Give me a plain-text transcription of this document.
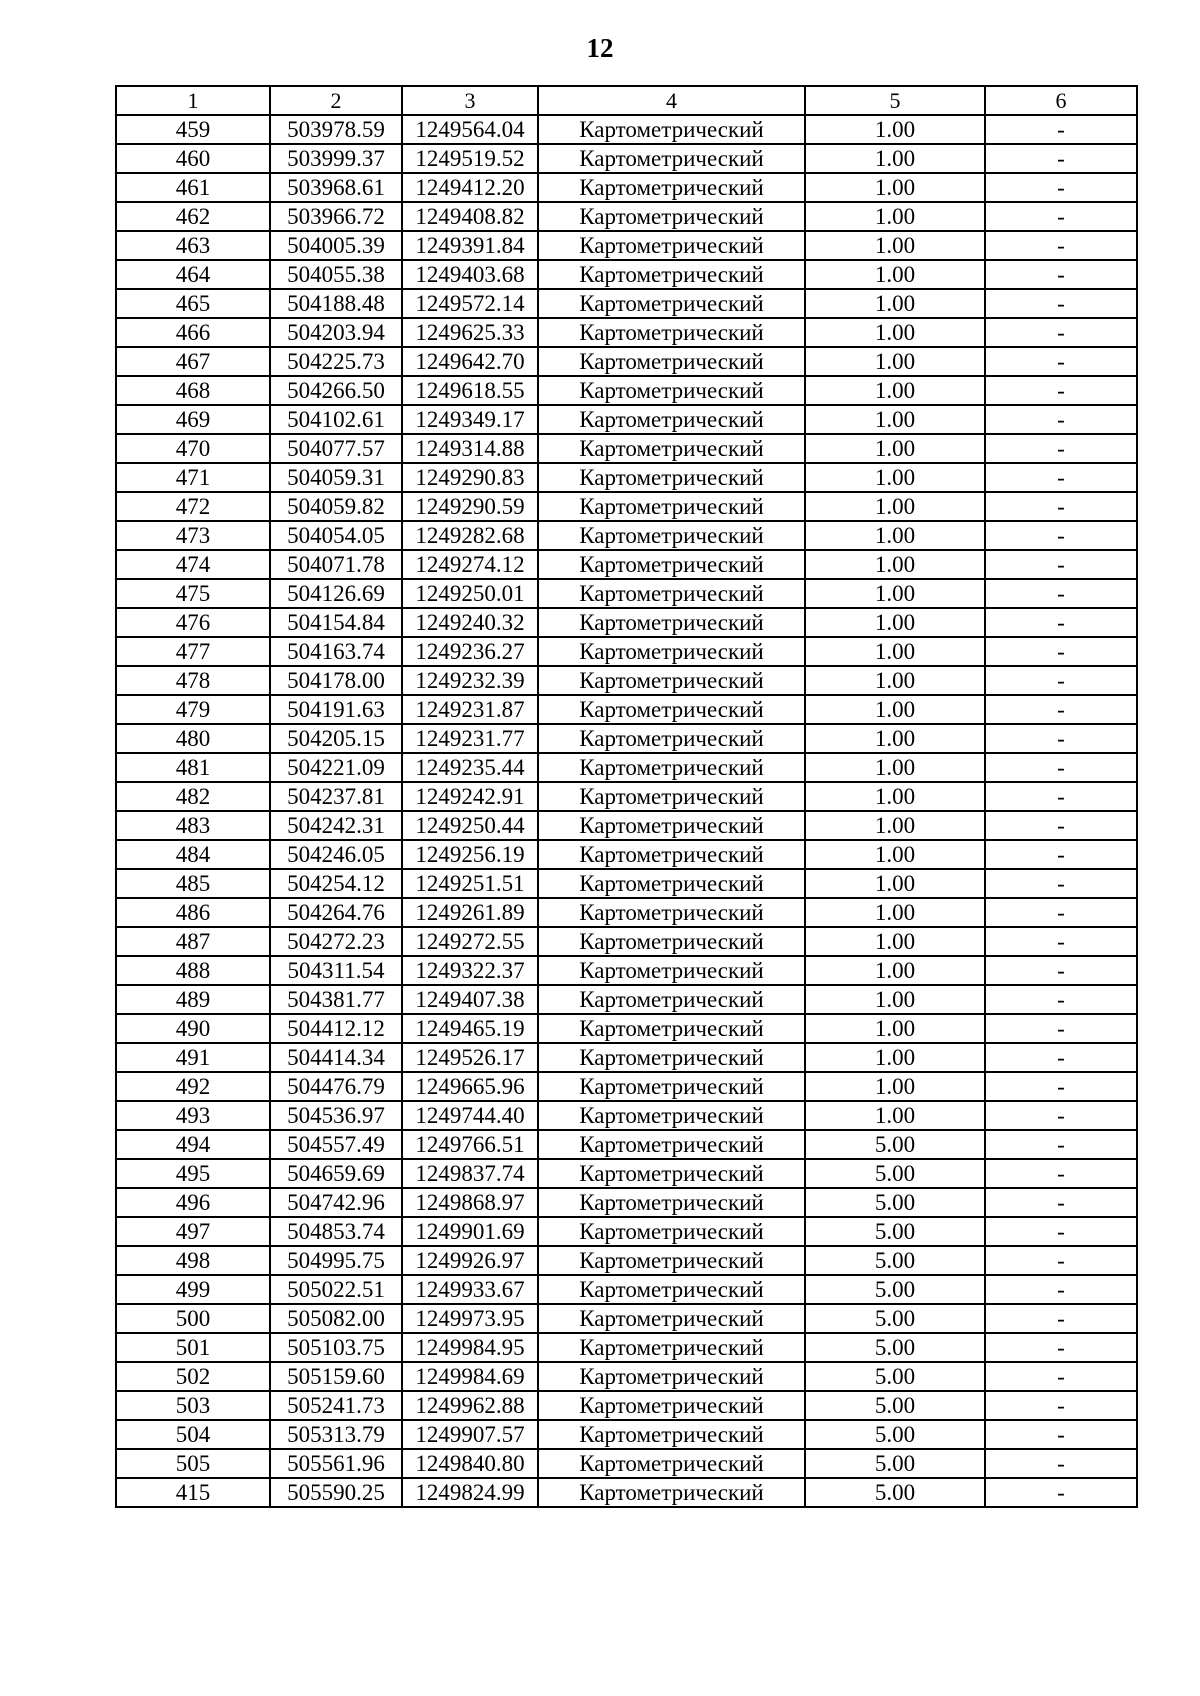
12
1	2	3	4	5	6
459	503978.59	1249564.04	Картометрический	1.00	-
460	503999.37	1249519.52	Картометрический	1.00	-
461	503968.61	1249412.20	Картометрический	1.00	-
462	503966.72	1249408.82	Картометрический	1.00	-
463	504005.39	1249391.84	Картометрический	1.00	-
464	504055.38	1249403.68	Картометрический	1.00	-
465	504188.48	1249572.14	Картометрический	1.00	-
466	504203.94	1249625.33	Картометрический	1.00	-
467	504225.73	1249642.70	Картометрический	1.00	-
468	504266.50	1249618.55	Картометрический	1.00	-
469	504102.61	1249349.17	Картометрический	1.00	-
470	504077.57	1249314.88	Картометрический	1.00	-
471	504059.31	1249290.83	Картометрический	1.00	-
472	504059.82	1249290.59	Картометрический	1.00	-
473	504054.05	1249282.68	Картометрический	1.00	-
474	504071.78	1249274.12	Картометрический	1.00	-
475	504126.69	1249250.01	Картометрический	1.00	-
476	504154.84	1249240.32	Картометрический	1.00	-
477	504163.74	1249236.27	Картометрический	1.00	-
478	504178.00	1249232.39	Картометрический	1.00	-
479	504191.63	1249231.87	Картометрический	1.00	-
480	504205.15	1249231.77	Картометрический	1.00	-
481	504221.09	1249235.44	Картометрический	1.00	-
482	504237.81	1249242.91	Картометрический	1.00	-
483	504242.31	1249250.44	Картометрический	1.00	-
484	504246.05	1249256.19	Картометрический	1.00	-
485	504254.12	1249251.51	Картометрический	1.00	-
486	504264.76	1249261.89	Картометрический	1.00	-
487	504272.23	1249272.55	Картометрический	1.00	-
488	504311.54	1249322.37	Картометрический	1.00	-
489	504381.77	1249407.38	Картометрический	1.00	-
490	504412.12	1249465.19	Картометрический	1.00	-
491	504414.34	1249526.17	Картометрический	1.00	-
492	504476.79	1249665.96	Картометрический	1.00	-
493	504536.97	1249744.40	Картометрический	1.00	-
494	504557.49	1249766.51	Картометрический	5.00	-
495	504659.69	1249837.74	Картометрический	5.00	-
496	504742.96	1249868.97	Картометрический	5.00	-
497	504853.74	1249901.69	Картометрический	5.00	-
498	504995.75	1249926.97	Картометрический	5.00	-
499	505022.51	1249933.67	Картометрический	5.00	-
500	505082.00	1249973.95	Картометрический	5.00	-
501	505103.75	1249984.95	Картометрический	5.00	-
502	505159.60	1249984.69	Картометрический	5.00	-
503	505241.73	1249962.88	Картометрический	5.00	-
504	505313.79	1249907.57	Картометрический	5.00	-
505	505561.96	1249840.80	Картометрический	5.00	-
415	505590.25	1249824.99	Картометрический	5.00	-
